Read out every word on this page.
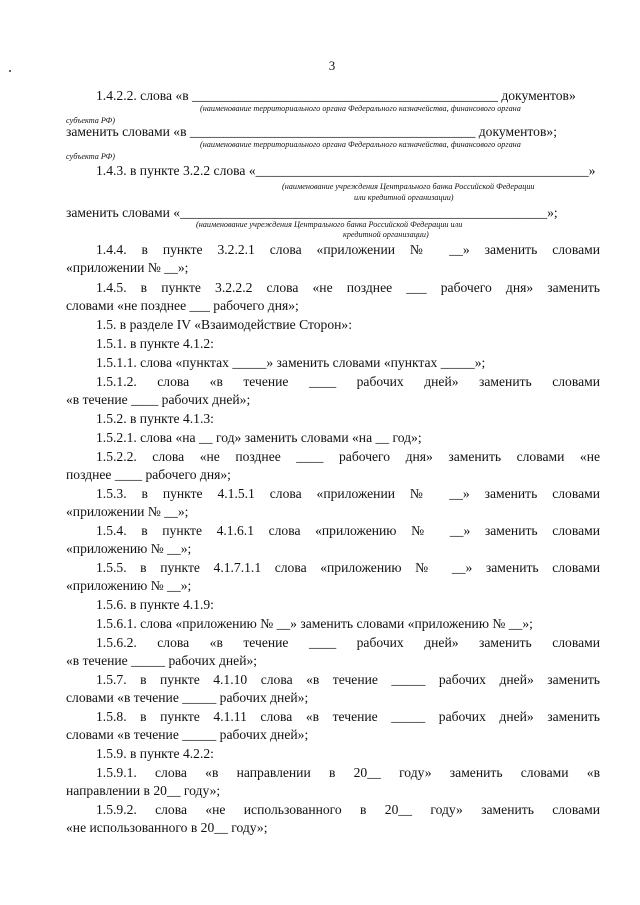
3
1.4.2.2. слова «в _____________________________________________ документов»
(наименование территориального органа Федерального казначейства, финансового органа
субъекта РФ)
заменить словами «в __________________________________________ документов»;
(наименование территориального органа Федерального казначейства, финансового органа
субъекта РФ)
1.4.3. в пункте 3.2.2 слова «_________________________________________________»
(наименование учреждения Центрального банка Российской Федерации
или кредитной организации)
заменить словами «______________________________________________________»;
(наименование учреждения Центрального банка Российской Федерации или
кредитной организации)
1.4.4. в пункте 3.2.2.1 слова «приложении № __» заменить словами
«приложении № __»;
1.4.5. в пункте 3.2.2.2 слова «не позднее ___ рабочего дня» заменить
словами «не позднее ___ рабочего дня»;
1.5. в разделе IV «Взаимодействие Сторон»:
1.5.1. в пункте 4.1.2:
1.5.1.1. слова «пунктах _____» заменить словами «пунктах _____»;
1.5.1.2. слова «в течение ____ рабочих дней» заменить словами
«в течение ____ рабочих дней»;
1.5.2. в пункте 4.1.3:
1.5.2.1. слова «на __ год» заменить словами «на __ год»;
1.5.2.2. слова «не позднее ____ рабочего дня» заменить словами «не
позднее ____ рабочего дня»;
1.5.3. в пункте 4.1.5.1 слова «приложении № __» заменить словами
«приложении № __»;
1.5.4. в пункте 4.1.6.1 слова «приложению № __» заменить словами
«приложению № __»;
1.5.5. в пункте 4.1.7.1.1 слова «приложению № __» заменить словами
«приложению № __»;
1.5.6. в пункте 4.1.9:
1.5.6.1. слова «приложению № __» заменить словами «приложению № __»;
1.5.6.2. слова «в течение ____ рабочих дней» заменить словами
«в течение _____ рабочих дней»;
1.5.7. в пункте 4.1.10 слова «в течение _____ рабочих дней» заменить
словами «в течение _____ рабочих дней»;
1.5.8. в пункте 4.1.11 слова «в течение _____ рабочих дней» заменить
словами «в течение _____ рабочих дней»;
1.5.9. в пункте 4.2.2:
1.5.9.1. слова «в направлении в 20__ году» заменить словами «в
направлении в 20__ году»;
1.5.9.2. слова «не использованного в 20__ году» заменить словами
«не использованного в 20__ году»;
